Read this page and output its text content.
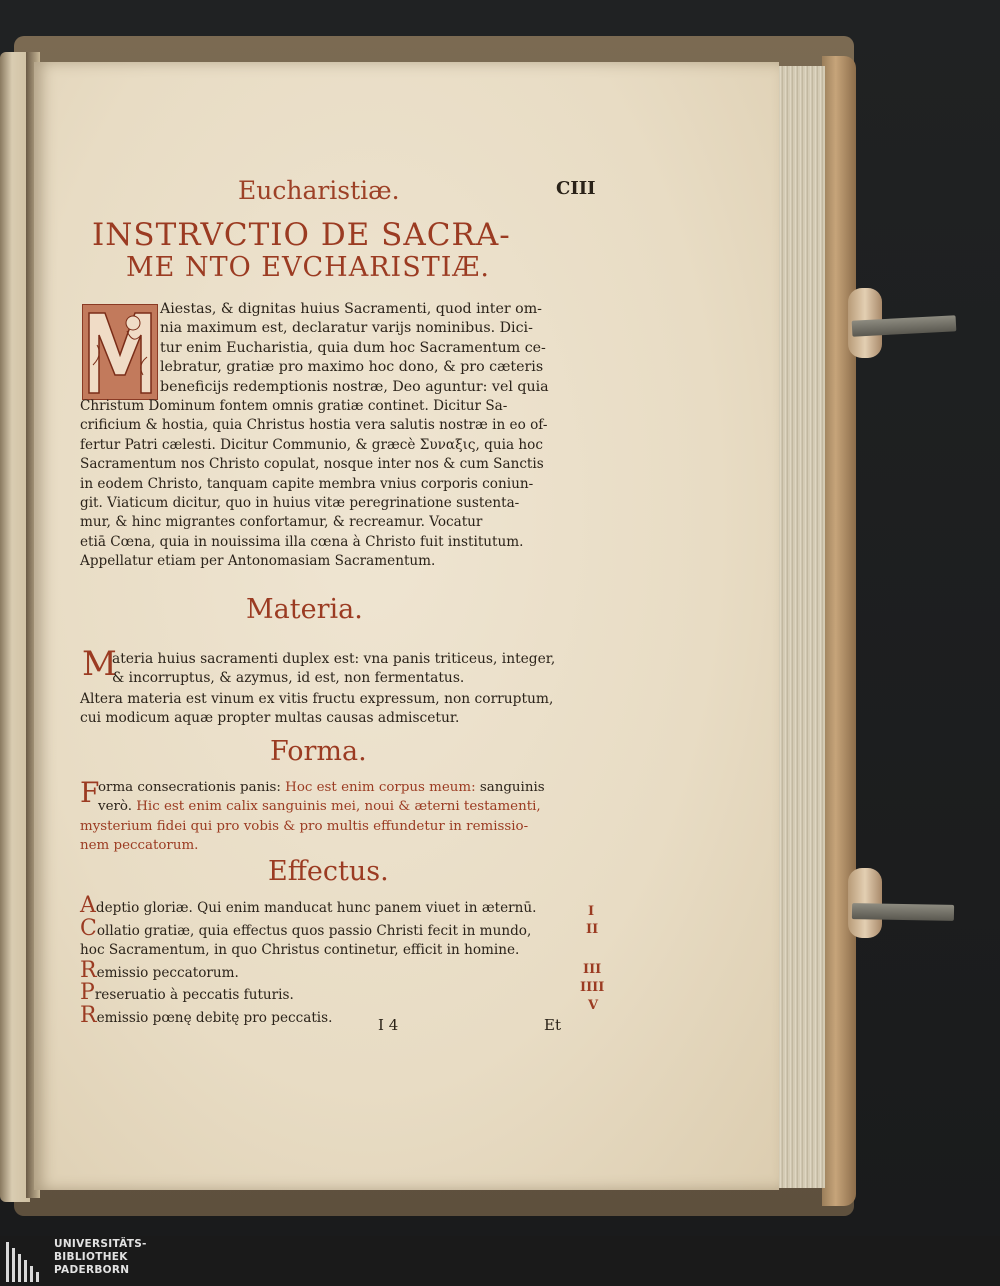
Eucharistiæ.	CIII
INSTRVCTIO DE SACRA-
ME NTO EVCHARISTIÆ.
Aiestas, & dignitas huius Sacramenti, quod inter om-
nia maximum est, declaratur varijs nominibus. Dici-
tur enim Eucharistia, quia dum hoc Sacramentum ce-
lebratur, gratiæ pro maximo hoc dono, & pro cæteris
beneficijs redemptionis nostræ, Deo aguntur: vel quia
Christum Dominum fontem omnis gratiæ continet. Dicitur Sa-
crificium & hostia, quia Christus hostia vera salutis nostræ in eo of-
fertur Patri cælesti. Dicitur Communio, & græcè Συναξις, quia hoc
Sacramentum nos Christo copulat, nosque inter nos & cum Sanctis
in eodem Christo, tanquam capite membra vnius corporis coniun-
git. Viaticum dicitur, quo in huius vitæ peregrinatione sustenta-
mur, & hinc migrantes confortamur, & recreamur. Vocatur
etiā Cœna, quia in nouissima illa cœna à Christo fuit institutum.
Appellatur etiam per Antonomasiam Sacramentum.
Materia.
M
ateria huius sacramenti duplex est: vna panis triticeus, integer,
& incorruptus, & azymus, id est, non fermentatus.
Altera materia est vinum ex vitis fructu expressum, non corruptum,
cui modicum aquæ propter multas causas admiscetur.
Forma.
F
orma consecrationis panis: Hoc est enim corpus meum: sanguinis
verò. Hic est enim calix sanguinis mei, noui & æterni testamenti,
mysterium fidei qui pro vobis & pro multis effundetur in remissio-
nem peccatorum.
Effectus.
Adeptio gloriæ. Qui enim manducat hunc panem viuet in æternū.
Collatio gratiæ, quia effectus quos passio Christi fecit in mundo,
hoc Sacramentum, in quo Christus continetur, efficit in homine.
Remissio peccatorum.
Preseruatio à peccatis futuris.
Remissio pœnę debitę pro peccatis.
I
II
III
IIII
V
I 4	Et
UNIVERSITÄTS-
BIBLIOTHEK
PADERBORN
